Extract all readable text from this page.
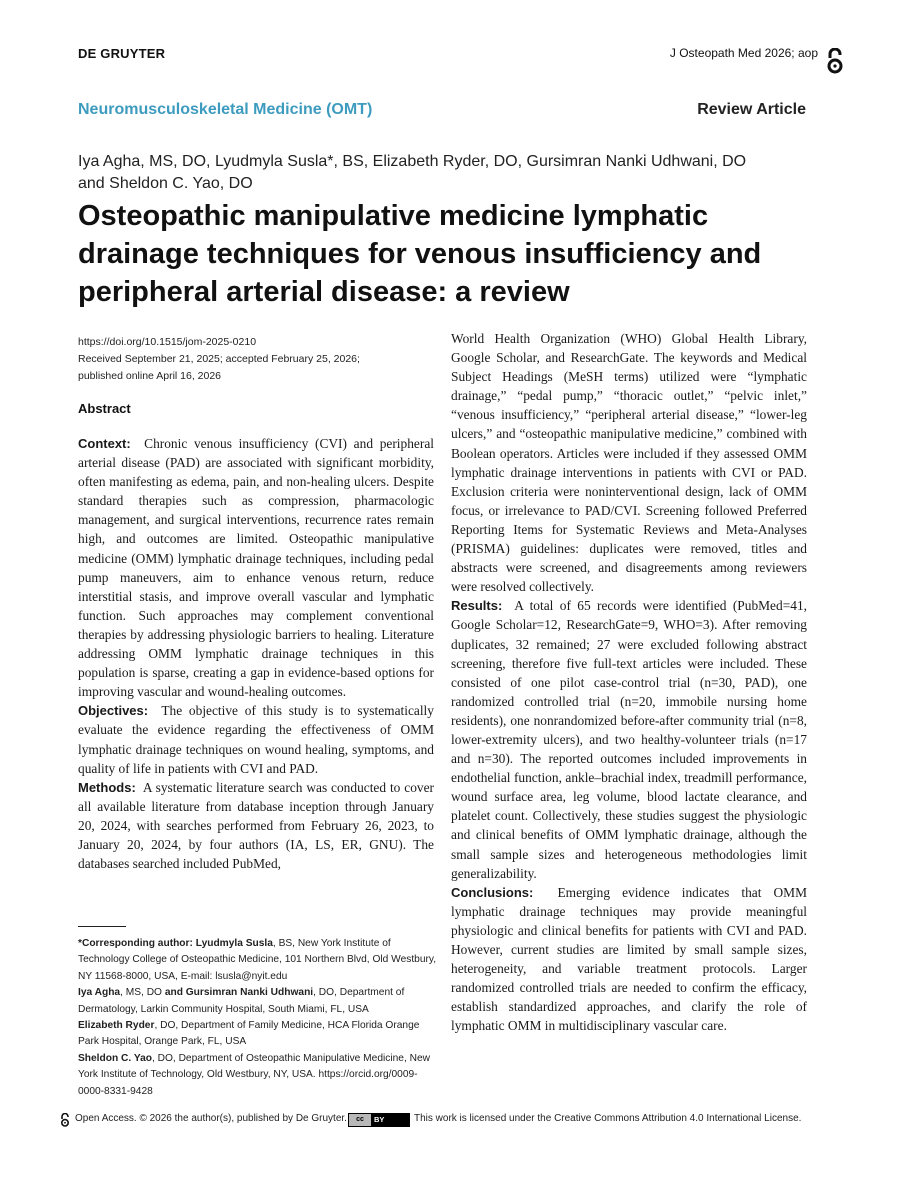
DE GRUYTER	J Osteopath Med 2026; aop
Neuromusculoskeletal Medicine (OMT)	Review Article
Iya Agha, MS, DO, Lyudmyla Susla*, BS, Elizabeth Ryder, DO, Gursimran Nanki Udhwani, DO and Sheldon C. Yao, DO
Osteopathic manipulative medicine lymphatic drainage techniques for venous insufficiency and peripheral arterial disease: a review
https://doi.org/10.1515/jom-2025-0210
Received September 21, 2025; accepted February 25, 2026;
published online April 16, 2026
Abstract

Context: Chronic venous insufficiency (CVI) and peripheral arterial disease (PAD) are associated with significant morbidity, often manifesting as edema, pain, and non-healing ulcers. Despite standard therapies such as compression, pharmacologic management, and surgical interventions, recurrence rates remain high, and outcomes are limited. Osteopathic manipulative medicine (OMM) lymphatic drainage techniques, including pedal pump maneuvers, aim to enhance venous return, reduce interstitial stasis, and improve overall vascular and lymphatic function. Such approaches may complement conventional therapies by addressing physiologic barriers to healing. Literature addressing OMM lymphatic drainage techniques in this population is sparse, creating a gap in evidence-based options for improving vascular and wound-healing outcomes.

Objectives: The objective of this study is to systematically evaluate the evidence regarding the effectiveness of OMM lymphatic drainage techniques on wound healing, symptoms, and quality of life in patients with CVI and PAD.

Methods: A systematic literature search was conducted to cover all available literature from database inception through January 20, 2024, with searches performed from February 26, 2023, to January 20, 2024, by four authors (IA, LS, ER, GNU). The databases searched included PubMed,

World Health Organization (WHO) Global Health Library, Google Scholar, and ResearchGate. The keywords and Medical Subject Headings (MeSH terms) utilized were “lymphatic drainage,” “pedal pump,” “thoracic outlet,” “pelvic inlet,” “venous insufficiency,” “peripheral arterial disease,” “lower-leg ulcers,” and “osteopathic manipulative medicine,” combined with Boolean operators. Articles were included if they assessed OMM lymphatic drainage interventions in patients with CVI or PAD. Exclusion criteria were noninterventional design, lack of OMM focus, or irrelevance to PAD/CVI. Screening followed Preferred Reporting Items for Systematic Reviews and Meta-Analyses (PRISMA) guidelines: duplicates were removed, titles and abstracts were screened, and disagreements among reviewers were resolved collectively.

Results: A total of 65 records were identified (PubMed=41, Google Scholar=12, ResearchGate=9, WHO=3). After removing duplicates, 32 remained; 27 were excluded following abstract screening, therefore five full-text articles were included. These consisted of one pilot case-control trial (n=30, PAD), one randomized controlled trial (n=20, immobile nursing home residents), one nonrandomized before-after community trial (n=8, lower-extremity ulcers), and two healthy-volunteer trials (n=17 and n=30). The reported outcomes included improvements in endothelial function, ankle–brachial index, treadmill performance, wound surface area, leg volume, blood lactate clearance, and platelet count. Collectively, these studies suggest the physiologic and clinical benefits of OMM lymphatic drainage, although the small sample sizes and heterogeneous methodologies limit generalizability.

Conclusions: Emerging evidence indicates that OMM lymphatic drainage techniques may provide meaningful physiologic and clinical benefits for patients with CVI and PAD. However, current studies are limited by small sample sizes, heterogeneity, and variable treatment protocols. Larger randomized controlled trials are needed to confirm the efficacy, establish standardized approaches, and clarify the role of lymphatic OMM in multidisciplinary vascular care.

*Corresponding author: Lyudmyla Susla, BS, New York Institute of Technology College of Osteopathic Medicine, 101 Northern Blvd, Old Westbury, NY 11568-8000, USA, E-mail: lsusla@nyit.edu

Iya Agha, MS, DO and Gursimran Nanki Udhwani, DO, Department of Dermatology, Larkin Community Hospital, South Miami, FL, USA

Elizabeth Ryder, DO, Department of Family Medicine, HCA Florida Orange Park Hospital, Orange Park, FL, USA

Sheldon C. Yao, DO, Department of Osteopathic Manipulative Medicine, New York Institute of Technology, Old Westbury, NY, USA. https://orcid.org/0009-0000-8331-9428

Open Access. © 2026 the author(s), published by De Gruyter.	cc	BY	This work is licensed under the Creative Commons Attribution 4.0 International License.
